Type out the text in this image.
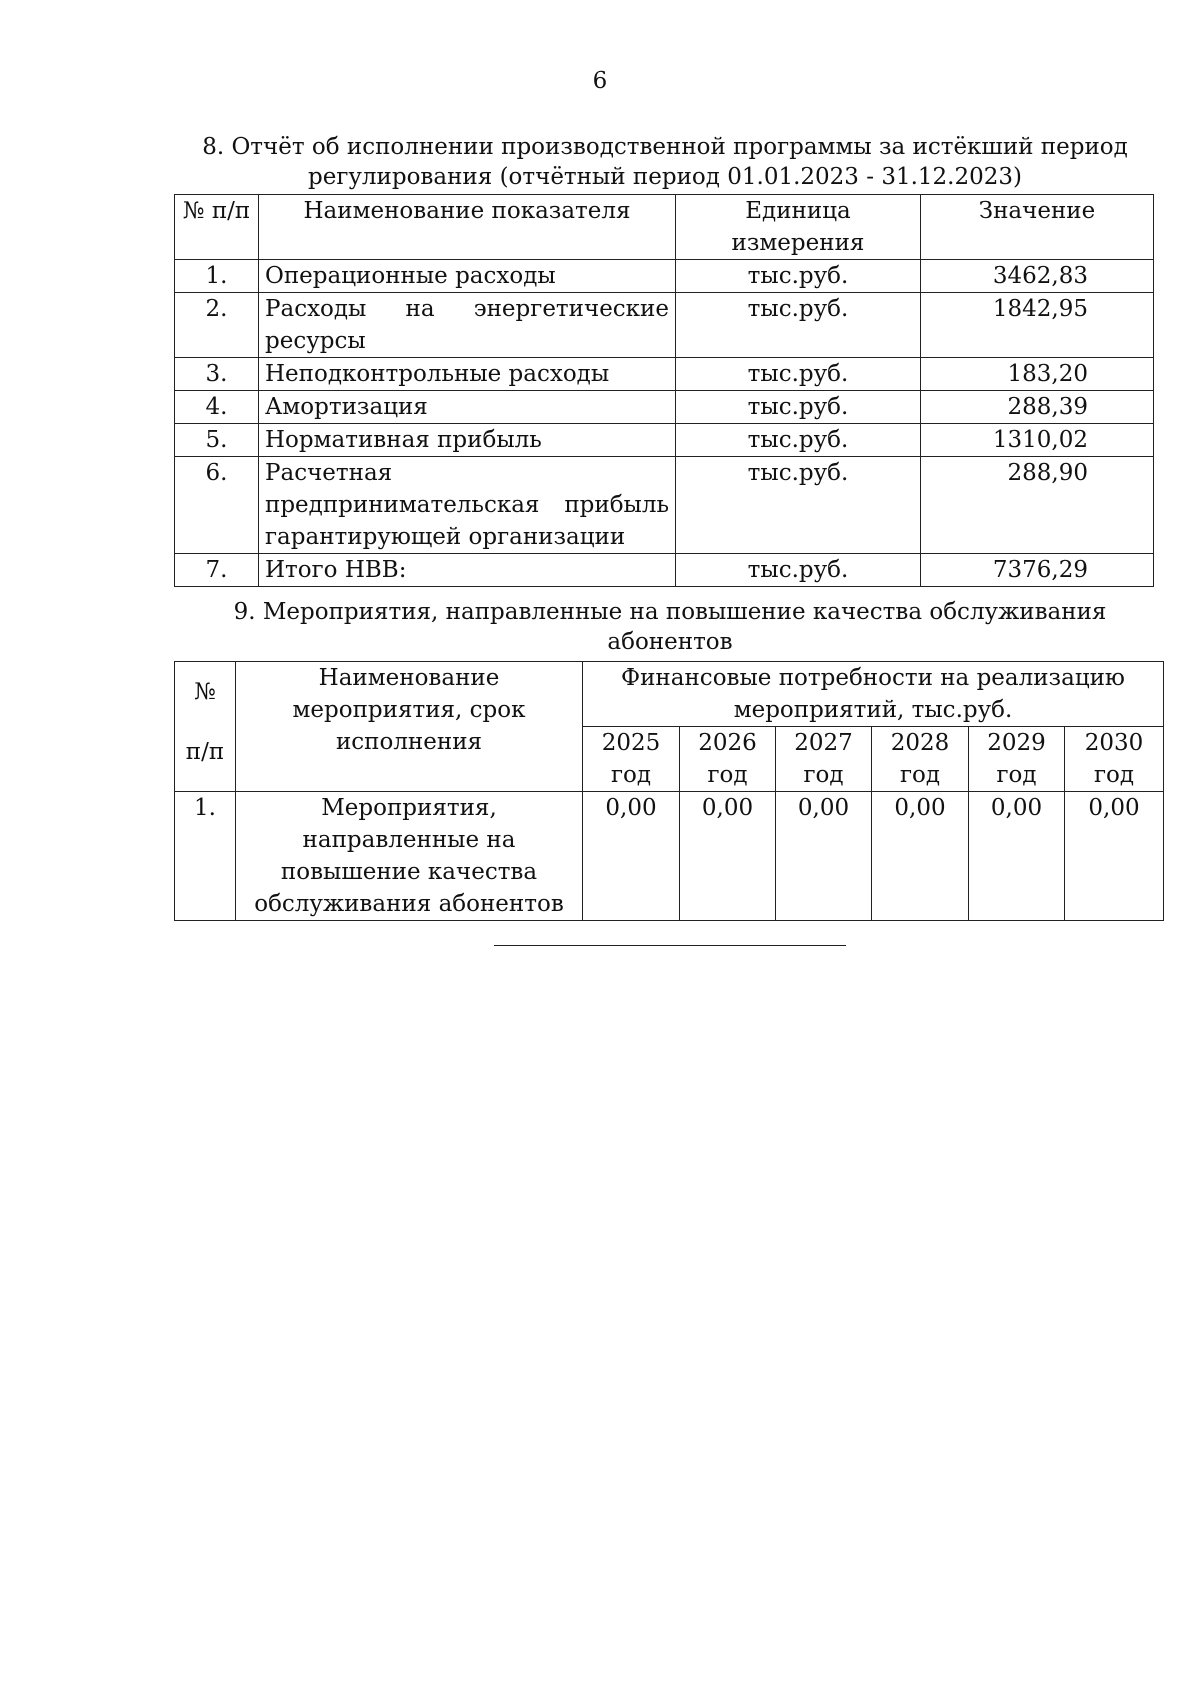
6
8. Отчёт об исполнении производственной программы за истёкший период
регулирования (отчётный период 01.01.2023 - 31.12.2023)
№ п/п	Наименование показателя	Единица измерения	Значение
1.	Операционные расходы	тыс.руб.	3462,83
2.	Расходы на энергетические ресурсы	тыс.руб.	1842,95
3.	Неподконтрольные расходы	тыс.руб.	183,20
4.	Амортизация	тыс.руб.	288,39
5.	Нормативная прибыль	тыс.руб.	1310,02
6.	Расчетная предпринимательская прибыль гарантирующей организации	тыс.руб.	288,90
7.	Итого НВВ:	тыс.руб.	7376,29
9. Мероприятия, направленные на повышение качества обслуживания
абонентов
№ п/п	Наименование мероприятия, срок исполнения	Финансовые потребности на реализацию мероприятий, тыс.руб.					
		2025 год	2026 год	2027 год	2028 год	2029 год	2030 год
1.	Мероприятия, направленные на повышение качества обслуживания абонентов	0,00	0,00	0,00	0,00	0,00	0,00
